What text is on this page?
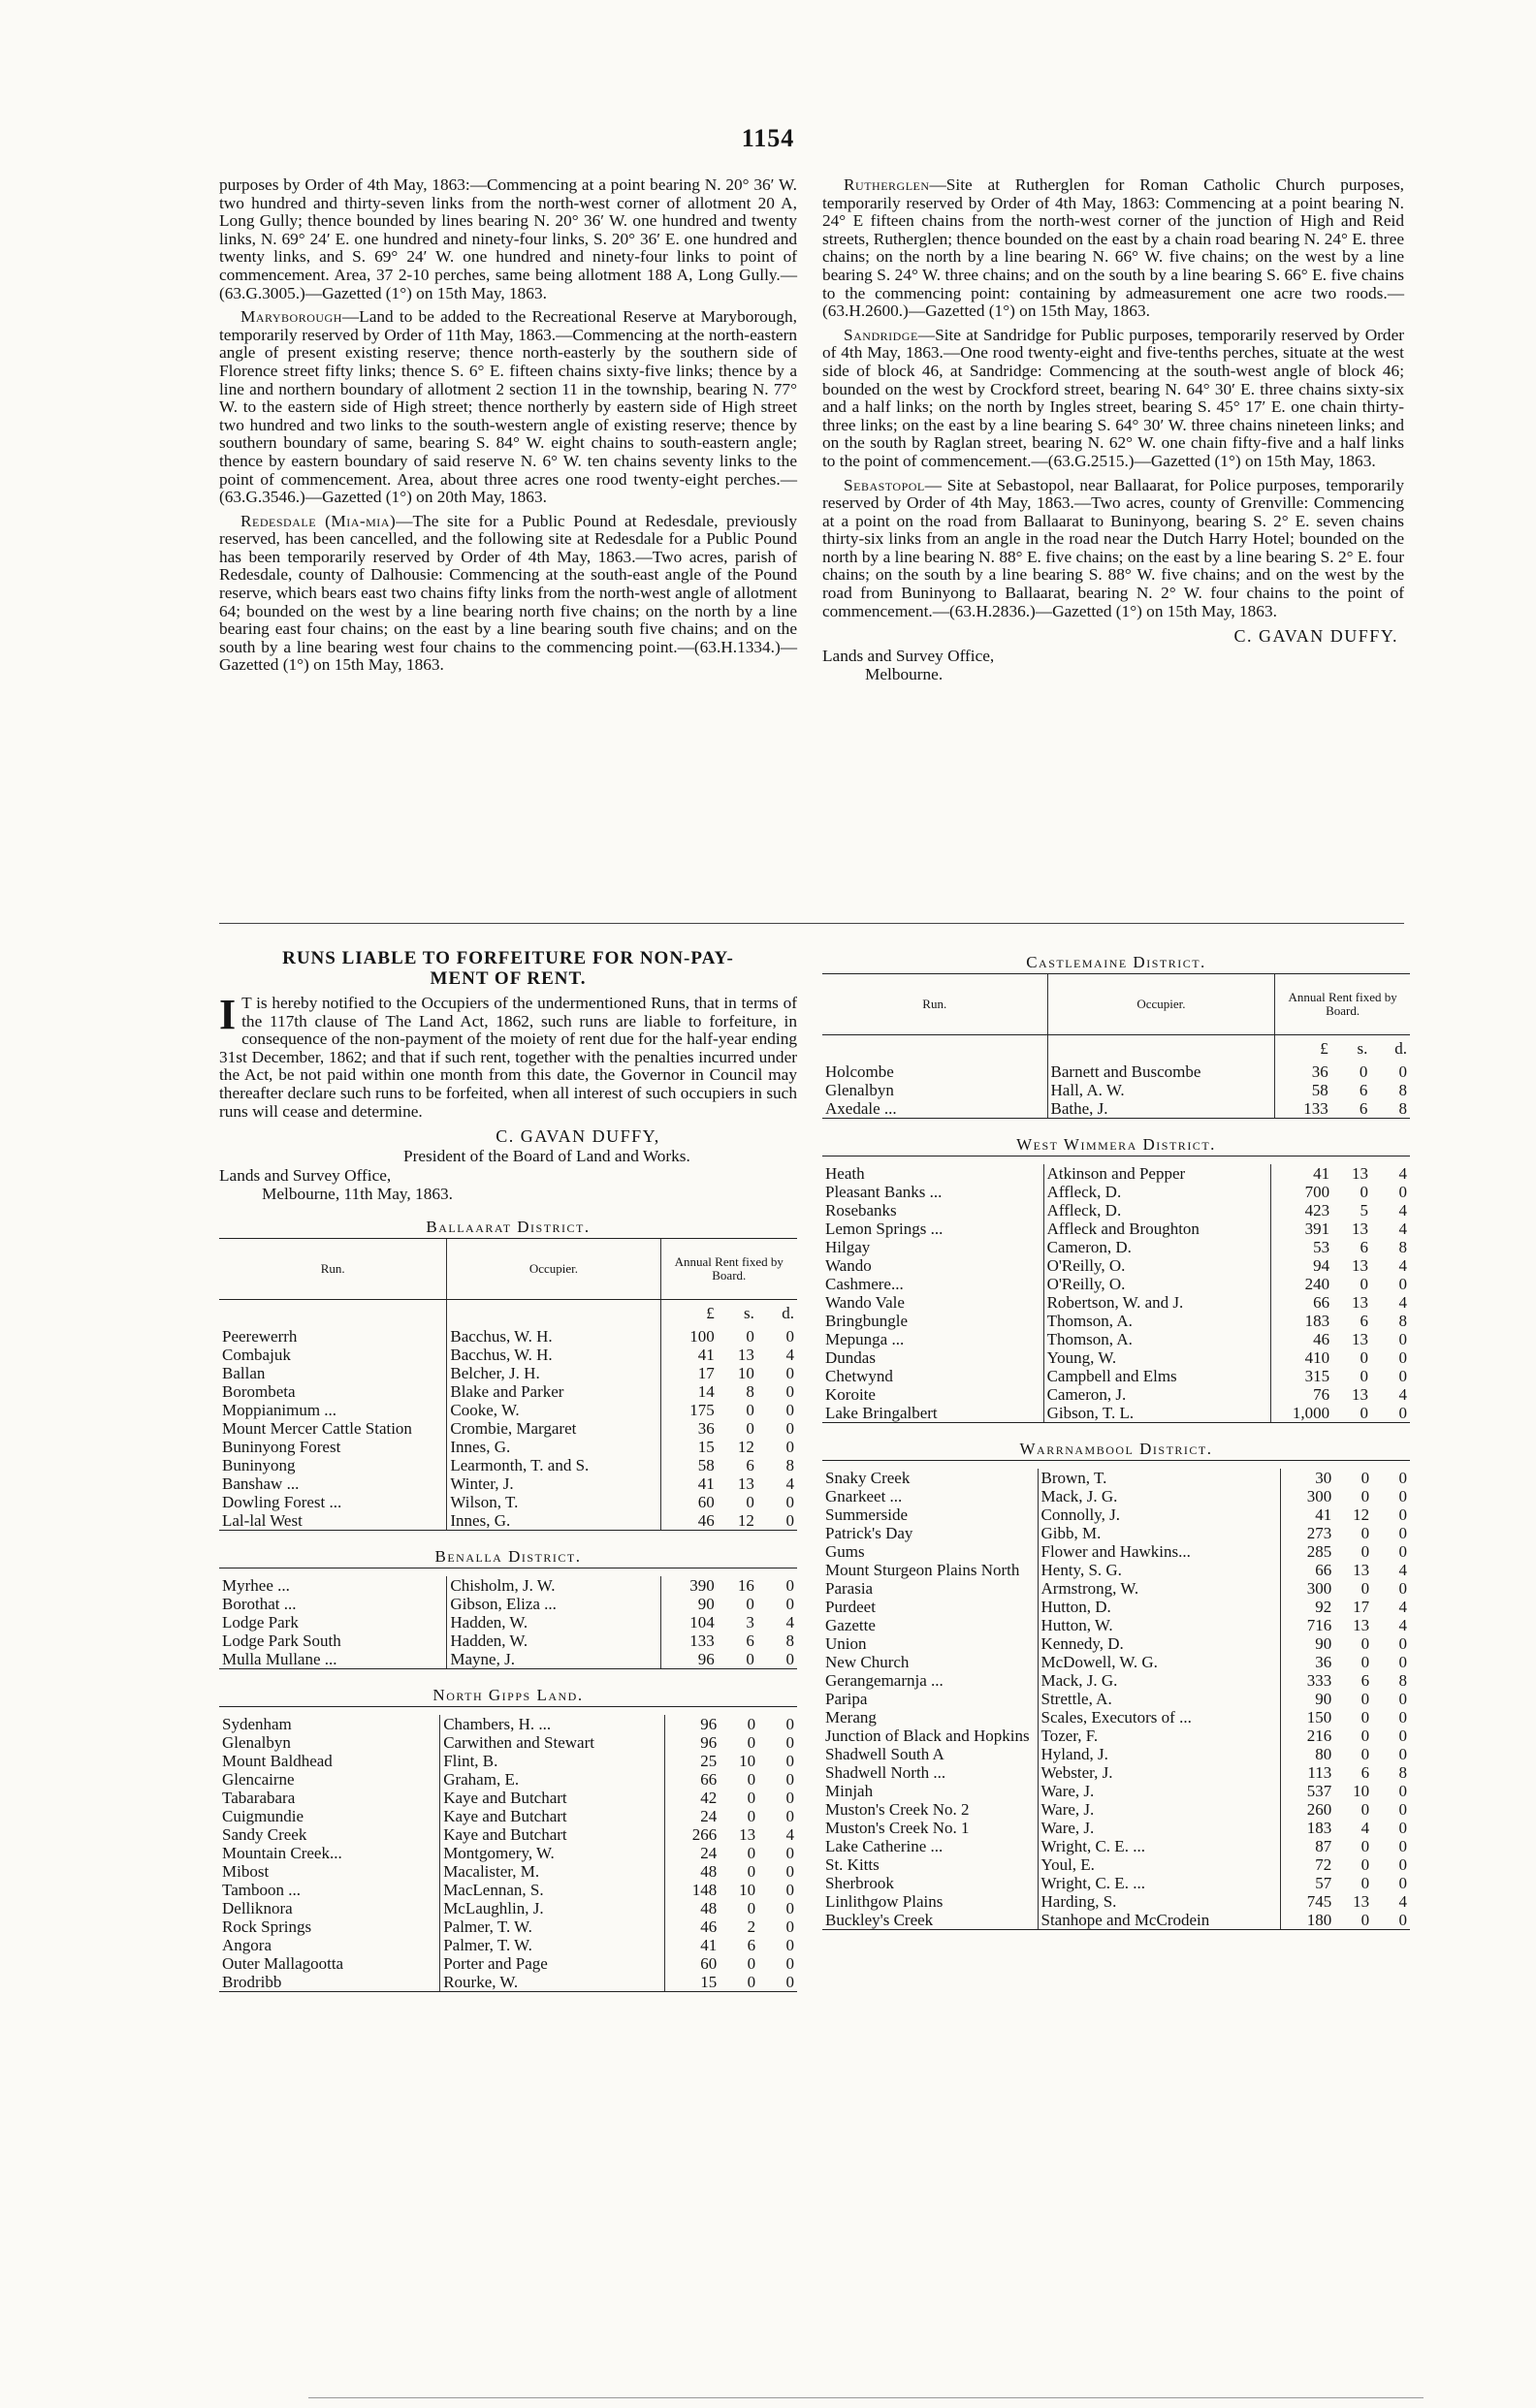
1154

purposes by Order of 4th May, 1863:—Commencing at a point bearing N. 20° 36′ W. two hundred and thirty-seven links from the north-west corner of allotment 20 A, Long Gully; thence bounded by lines bearing N. 20° 36′ W. one hundred and twenty links, N. 69° 24′ E. one hundred and ninety-four links, S. 20° 36′ E. one hundred and twenty links, and S. 69° 24′ W. one hundred and ninety-four links to point of commencement. Area, 37 2-10 perches, same being allotment 188 A, Long Gully.—(63.G.3005.)—Gazetted (1°) on 15th May, 1863.

Maryborough—Land to be added to the Recreational Reserve at Maryborough, temporarily reserved by Order of 11th May, 1863.—Commencing at the north-eastern angle of present existing reserve; thence north-easterly by the southern side of Florence street fifty links; thence S. 6° E. fifteen chains sixty-five links; thence by a line and northern boundary of allotment 2 section 11 in the township, bearing N. 77° W. to the eastern side of High street; thence northerly by eastern side of High street two hundred and two links to the south-western angle of existing reserve; thence by southern boundary of same, bearing S. 84° W. eight chains to south-eastern angle; thence by eastern boundary of said reserve N. 6° W. ten chains seventy links to the point of commencement. Area, about three acres one rood twenty-eight perches.—(63.G.3546.)—Gazetted (1°) on 20th May, 1863.

Redesdale (Mia-mia)—The site for a Public Pound at Redesdale, previously reserved, has been cancelled, and the following site at Redesdale for a Public Pound has been temporarily reserved by Order of 4th May, 1863.—Two acres, parish of Redesdale, county of Dalhousie: Commencing at the south-east angle of the Pound reserve, which bears east two chains fifty links from the north-west angle of allotment 64; bounded on the west by a line bearing north five chains; on the north by a line bearing east four chains; on the east by a line bearing south five chains; and on the south by a line bearing west four chains to the commencing point.—(63.H.1334.)—Gazetted (1°) on 15th May, 1863.

Rutherglen—Site at Rutherglen for Roman Catholic Church purposes, temporarily reserved by Order of 4th May, 1863: Commencing at a point bearing N. 24° E fifteen chains from the north-west corner of the junction of High and Reid streets, Rutherglen; thence bounded on the east by a chain road bearing N. 24° E. three chains; on the north by a line bearing N. 66° W. five chains; on the west by a line bearing S. 24° W. three chains; and on the south by a line bearing S. 66° E. five chains to the commencing point: containing by admeasurement one acre two roods.—(63.H.2600.)—Gazetted (1°) on 15th May, 1863.

Sandridge—Site at Sandridge for Public purposes, temporarily reserved by Order of 4th May, 1863.—One rood twenty-eight and five-tenths perches, situate at the west side of block 46, at Sandridge: Commencing at the south-west angle of block 46; bounded on the west by Crockford street, bearing N. 64° 30′ E. three chains sixty-six and a half links; on the north by Ingles street, bearing S. 45° 17′ E. one chain thirty-three links; on the east by a line bearing S. 64° 30′ W. three chains nineteen links; and on the south by Raglan street, bearing N. 62° W. one chain fifty-five and a half links to the point of commencement.—(63.G.2515.)—Gazetted (1°) on 15th May, 1863.

Sebastopol— Site at Sebastopol, near Ballaarat, for Police purposes, temporarily reserved by Order of 4th May, 1863.—Two acres, county of Grenville: Commencing at a point on the road from Ballaarat to Buninyong, bearing S. 2° E. seven chains thirty-six links from an angle in the road near the Dutch Harry Hotel; bounded on the north by a line bearing N. 88° E. five chains; on the east by a line bearing S. 2° E. four chains; on the south by a line bearing S. 88° W. five chains; and on the west by the road from Buninyong to Ballaarat, bearing N. 2° W. four chains to the point of commencement.—(63.H.2836.)—Gazetted (1°) on 15th May, 1863.

C. GAVAN DUFFY.
Lands and Survey Office,
Melbourne.
RUNS LIABLE TO FORFEITURE FOR NON-PAY-
MENT OF RENT.

I T is hereby notified to the Occupiers of the undermentioned Runs, that in terms of the 117th clause of The Land Act, 1862, such runs are liable to forfeiture, in consequence of the non-payment of the moiety of rent due for the half-year ending 31st December, 1862; and that if such rent, together with the penalties incurred under the Act, be not paid within one month from this date, the Governor in Council may thereafter declare such runs to be forfeited, when all interest of such occupiers in such runs will cease and determine.

C. GAVAN DUFFY,
President of the Board of Land and Works.
Lands and Survey Office,
Melbourne, 11th May, 1863.
Ballaarat District.
Run.	Occupier.	Annual Rent fixed by Board.		
		£	s.	d.
Peerewerrh	Bacchus, W. H.	100	0	0
Combajuk	Bacchus, W. H.	41	13	4
Ballan	Belcher, J. H.	17	10	0
Borombeta	Blake and Parker	14	8	0
Moppianimum ...	Cooke, W.	175	0	0
Mount Mercer Cattle Station	Crombie, Margaret	36	0	0
Buninyong Forest	Innes, G.	15	12	0
Buninyong	Learmonth, T. and S.	58	6	8
Banshaw ...	Winter, J.	41	13	4
Dowling Forest ...	Wilson, T.	60	0	0
Lal-lal West	Innes, G.	46	12	0
Benalla District.

Myrhee ...	Chisholm, J. W.	390	16	0
Borothat ...	Gibson, Eliza ...	90	0	0
Lodge Park	Hadden, W.	104	3	4
Lodge Park South	Hadden, W.	133	6	8
Mulla Mullane ...	Mayne, J.	96	0	0
North Gipps Land.

Sydenham	Chambers, H. ...	96	0	0
Glenalbyn	Carwithen and Stewart	96	0	0
Mount Baldhead	Flint, B.	25	10	0
Glencairne	Graham, E.	66	0	0
Tabarabara	Kaye and Butchart	42	0	0
Cuigmundie	Kaye and Butchart	24	0	0
Sandy Creek	Kaye and Butchart	266	13	4
Mountain Creek...	Montgomery, W.	24	0	0
Mibost	Macalister, M.	48	0	0
Tamboon ...	MacLennan, S.	148	10	0
Delliknora	McLaughlin, J.	48	0	0
Rock Springs	Palmer, T. W.	46	2	0
Angora	Palmer, T. W.	41	6	0
Outer Mallagootta	Porter and Page	60	0	0
Brodribb	Rourke, W.	15	0	0
Castlemaine District.
Run.	Occupier.	Annual Rent fixed by Board.		
		£	s.	d.
Holcombe	Barnett and Buscombe	36	0	0
Glenalbyn	Hall, A. W.	58	6	8
Axedale ...	Bathe, J.	133	6	8
West Wimmera District.

Heath	Atkinson and Pepper	41	13	4
Pleasant Banks ...	Affleck, D.	700	0	0
Rosebanks	Affleck, D.	423	5	4
Lemon Springs ...	Affleck and Broughton	391	13	4
Hilgay	Cameron, D.	53	6	8
Wando	O'Reilly, O.	94	13	4
Cashmere...	O'Reilly, O.	240	0	0
Wando Vale	Robertson, W. and J.	66	13	4
Bringbungle	Thomson, A.	183	6	8
Mepunga ...	Thomson, A.	46	13	0
Dundas	Young, W.	410	0	0
Chetwynd	Campbell and Elms	315	0	0
Koroite	Cameron, J.	76	13	4
Lake Bringalbert	Gibson, T. L.	1,000	0	0
Warrnambool District.

Snaky Creek	Brown, T.	30	0	0
Gnarkeet ...	Mack, J. G.	300	0	0
Summerside	Connolly, J.	41	12	0
Patrick's Day	Gibb, M.	273	0	0
Gums	Flower and Hawkins...	285	0	0
Mount Sturgeon Plains North	Henty, S. G.	66	13	4
Parasia	Armstrong, W.	300	0	0
Purdeet	Hutton, D.	92	17	4
Gazette	Hutton, W.	716	13	4
Union	Kennedy, D.	90	0	0
New Church	McDowell, W. G.	36	0	0
Gerangemarnja ...	Mack, J. G.	333	6	8
Paripa	Strettle, A.	90	0	0
Merang	Scales, Executors of ...	150	0	0
Junction of Black and Hopkins	Tozer, F.	216	0	0
Shadwell South A	Hyland, J.	80	0	0
Shadwell North ...	Webster, J.	113	6	8
Minjah	Ware, J.	537	10	0
Muston's Creek No. 2	Ware, J.	260	0	0
Muston's Creek No. 1	Ware, J.	183	4	0
Lake Catherine ...	Wright, C. E. ...	87	0	0
St. Kitts	Youl, E.	72	0	0
Sherbrook	Wright, C. E. ...	57	0	0
Linlithgow Plains	Harding, S.	745	13	4
Buckley's Creek	Stanhope and McCrodein	180	0	0
